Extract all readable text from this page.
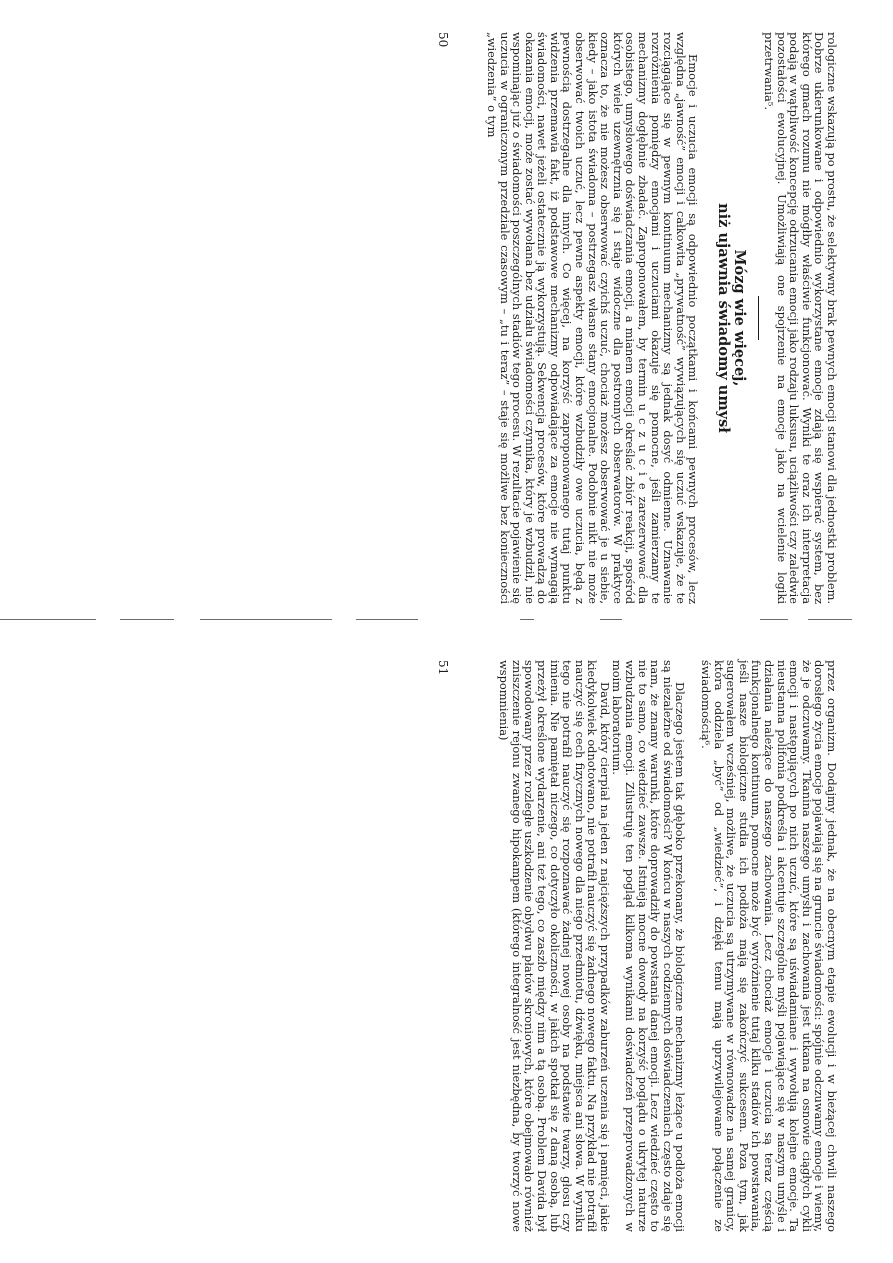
rologiczne wskazują po prostu, że selektywny brak pewnych emocji stanowi dla jednostki problem. Dobrze ukierunkowane i odpowiednio wykorzystane emocje zdają się wspierać system, bez którego gmach rozumu nie mógłby właściwie funkcjonować. Wyniki te oraz ich interpretacja podają w wątpliwość koncepcję odrzucania emocji jako rodzaju luksusu, uciążliwości czy zaledwie pozostałości ewolucyjnej. Umożliwiają one spojrzenie na emocje jako na wcielenie logiki przetrwania⁵.

Mózg wie więcej,
niż ujawnia świadomy umysł

Emocje i uczucia emocji są odpowiednio początkami i końcami pewnych procesów, lecz względna „jawność” emocji i całkowita „prywatność” wywiązujących się uczuć wskazuje, że te rozciągające się w pewnym kontinuum mechanizmy są jednak dosyć odmienne. Uznawanie rozróżnienia pomiędzy emocjami i uczuciami okazuje się pomocne, jeśli zamierzamy te mechanizmy dogłębnie zbadać. Zaproponowałem, by termin u c z u c i e zarezerwować dla osobistego, umysłowego doświadczania emocji, a mianem emocji określać zbiór reakcji, spośród których wiele uzewnętrznia się i staje widoczne dla postronnych obserwatorów. W praktyce oznacza to, że nie możesz obserwować czyichś uczuć, chociaż możesz obserwować je u siebie, kiedy – jako istota świadoma – postrzegasz własne stany emocjonalne. Podobnie nikt nie może obserwować twoich uczuć, lecz pewne aspekty emocji, które wzbudziły owe uczucia, będą z pewnością dostrzegalne dla innych. Co więcej, na korzyść zaproponowanego tutaj punktu widzenia przemawia fakt, iż podstawowe mechanizmy odpowiadające za emocje nie wymagają świadomości, nawet jeżeli ostatecznie ją wykorzystują. Sekwencja procesów, które prowadzą do okazania emocji, może zostać wywołana bez udziału świadomości czynnika, który je wzbudził, nie wspominając już o świadomości poszczególnych stadiów tego procesu. W rezultacie pojawienie się uczucia w ograniczonym przedziale czasowym – „tu i teraz” – staje się możliwe bez konieczności „wiedzenia” o tym

50

przez organizm. Dodajmy jednak, że na obecnym etapie ewolucji i w bieżącej chwili naszego dorosłego życia emocje pojawiają się na gruncie świadomości: spójnie odczuwamy emocje i wiemy, że je odczuwamy. Tkanina naszego umysłu i zachowania jest utkana na osnowie ciągłych cykli emocji i następujących po nich uczuć, które są uświadamiane i wywołują kolejne emocje. Ta nieustanna polifonia podkreśla i akcentuje szczególne myśli pojawiające się w naszym umyśle i działania należące do naszego zachowania. Lecz chociaż emocje i uczucia są teraz częścią funkcjonalnego kontinuum, pomocne może być wyróżnienie tutaj kilku stadiów ich powstawania, jeśli nasze biologiczne studia ich podłoża mają się zakończyć sukcesem. Poza tym, jak sugerowałem wcześniej, możliwe, że uczucia są utrzymywane w równowadze na samej granicy, która oddziela „być” od „wiedzieć”, i dzięki temu mają uprzywilejowane połączenie ze świadomością⁶.

Dlaczego jestem tak głęboko przekonany, że biologiczne mechanizmy leżące u podłoża emocji są niezależne od świadomości? W końcu w naszych codziennych doświadczeniach często zdaje się nam, że znamy warunki, które doprowadziły do powstania danej emocji. Lecz wiedzieć często to nie to samo, co wiedzieć zawsze. Istnieją mocne dowody na korzyść poglądu o ukrytej naturze wzbudzania emocji. Zilustruję ten pogląd kilkoma wynikami doświadczeń przeprowadzonych w moim laboratorium.

David, który cierpiał na jeden z najcięższych przypadków zaburzeń uczenia się i pamięci, jakie kiedykolwiek odnotowano, nie potrafił nauczyć się żadnego nowego faktu. Na przykład nie potrafił nauczyć się cech fizycznych nowego dla niego przedmiotu, dźwięku, miejsca ani słowa. W wyniku tego nie potrafił nauczyć się rozpoznawać żadnej nowej osoby na podstawie twarzy, głosu czy imienia. Nie pamiętał niczego, co dotyczyło okoliczności, w jakich spotkał się z daną osobą, lub przeżył określone wydarzenie, ani też tego, co zaszło między nim a tą osobą. Problem Davida był spowodowany przez rozległe uszkodzenie obydwu płatów skroniowych, które obejmowało również zniszczenie rejonu zwanego hipokampem (którego integralność jest niezbędna, by tworzyć nowe wspomnienia)

51
